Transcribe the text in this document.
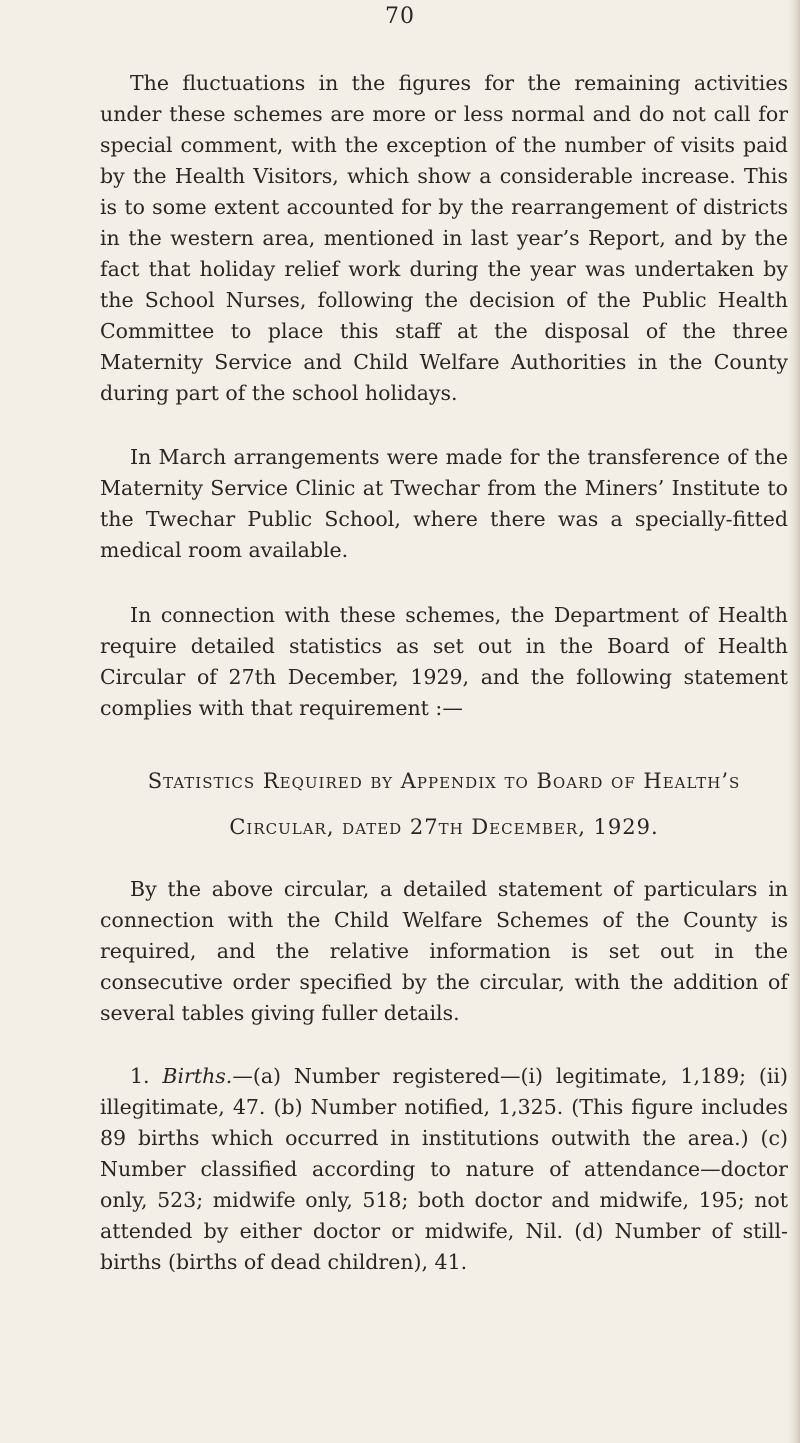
70

The fluctuations in the figures for the remaining activities under these schemes are more or less normal and do not call for special comment, with the exception of the number of visits paid by the Health Visitors, which show a considerable increase. This is to some extent accounted for by the rearrangement of districts in the western area, mentioned in last year’s Report, and by the fact that holiday relief work during the year was undertaken by the School Nurses, following the decision of the Public Health Committee to place this staff at the disposal of the three Maternity Service and Child Welfare Authorities in the County during part of the school holidays.

In March arrangements were made for the transference of the Maternity Service Clinic at Twechar from the Miners’ Institute to the Twechar Public School, where there was a specially-fitted medical room available.

In connection with these schemes, the Department of Health require detailed statistics as set out in the Board of Health Circular of 27th December, 1929, and the following statement complies with that requirement :—

Statistics Required by Appendix to Board of Health’s
Circular, dated 27th December, 1929.

By the above circular, a detailed statement of particulars in connection with the Child Welfare Schemes of the County is required, and the relative information is set out in the consecutive order specified by the circular, with the addition of several tables giving fuller details.

1. Births.—(a) Number registered—(i) legitimate, 1,189; (ii) illegitimate, 47. (b) Number notified, 1,325. (This figure includes 89 births which occurred in institutions outwith the area.) (c) Number classified according to nature of attendance—doctor only, 523; midwife only, 518; both doctor and midwife, 195; not attended by either doctor or midwife, Nil. (d) Number of still-births (births of dead children), 41.
